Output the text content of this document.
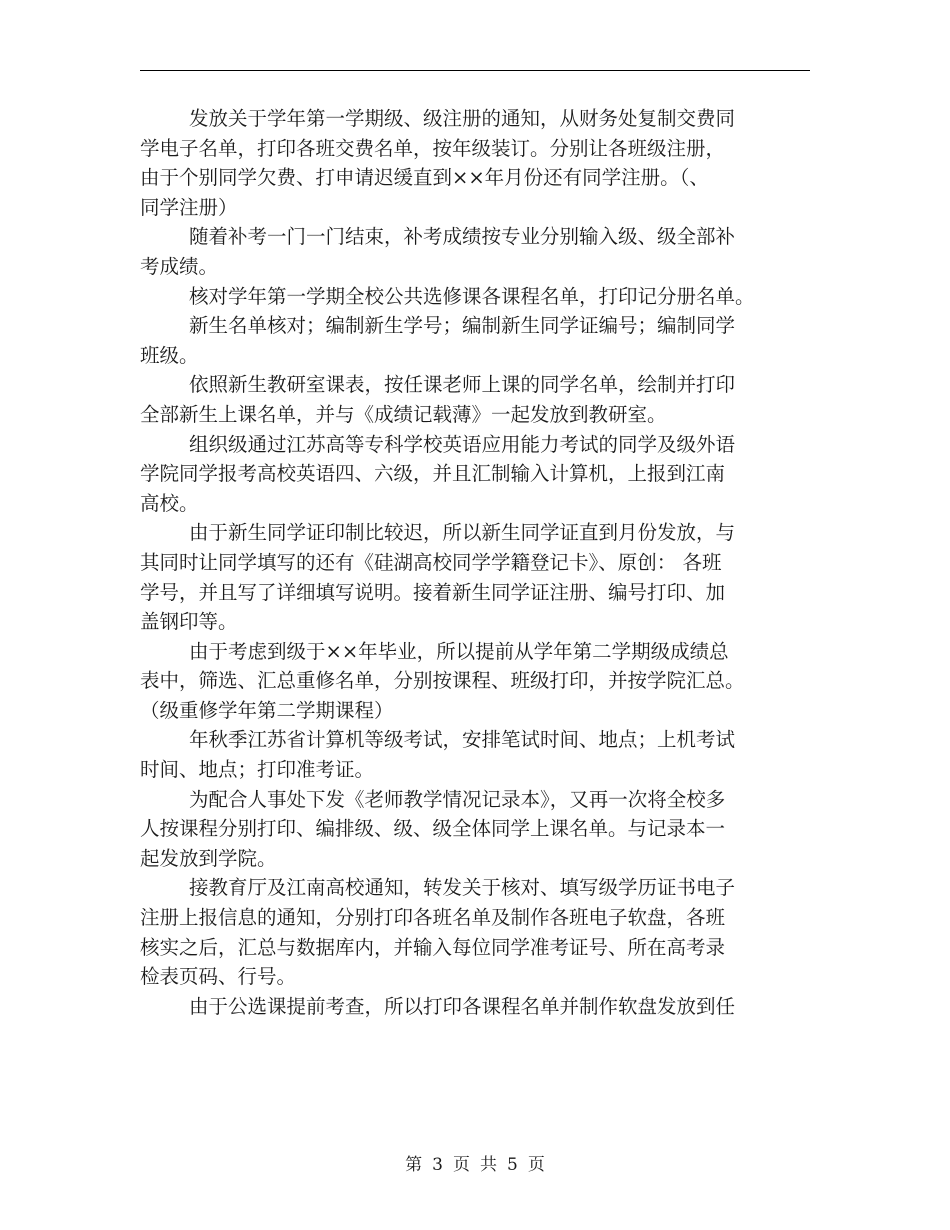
发放关于学年第一学期级、级注册的通知，从财务处复制交费同
学电子名单，打印各班交费名单，按年级装订。分别让各班级注册，
由于个别同学欠费、打申请迟缓直到××年月份还有同学注册。（、
同学注册）

随着补考一门一门结束，补考成绩按专业分别输入级、级全部补
考成绩。

核对学年第一学期全校公共选修课各课程名单，打印记分册名单。

新生名单核对；编制新生学号；编制新生同学证编号；编制同学
班级。

依照新生教研室课表，按任课老师上课的同学名单，绘制并打印
全部新生上课名单，并与《成绩记载薄》一起发放到教研室。

组织级通过江苏高等专科学校英语应用能力考试的同学及级外语
学院同学报考高校英语四、六级，并且汇制输入计算机，上报到江南
高校。

由于新生同学证印制比较迟，所以新生同学证直到月份发放，与
其同时让同学填写的还有《硅湖高校同学学籍登记卡》、原创： 各班
学号，并且写了详细填写说明。接着新生同学证注册、编号打印、加
盖钢印等。

由于考虑到级于××年毕业，所以提前从学年第二学期级成绩总
表中，筛选、汇总重修名单，分别按课程、班级打印，并按学院汇总。
（级重修学年第二学期课程）

年秋季江苏省计算机等级考试，安排笔试时间、地点；上机考试
时间、地点；打印准考证。

为配合人事处下发《老师教学情况记录本》，又再一次将全校多
人按课程分别打印、编排级、级、级全体同学上课名单。与记录本一
起发放到学院。

接教育厅及江南高校通知，转发关于核对、填写级学历证书电子
注册上报信息的通知，分别打印各班名单及制作各班电子软盘，各班
核实之后，汇总与数据库内，并输入每位同学准考证号、所在高考录
检表页码、行号。

由于公选课提前考查，所以打印各课程名单并制作软盘发放到任

第 3 页 共 5 页
